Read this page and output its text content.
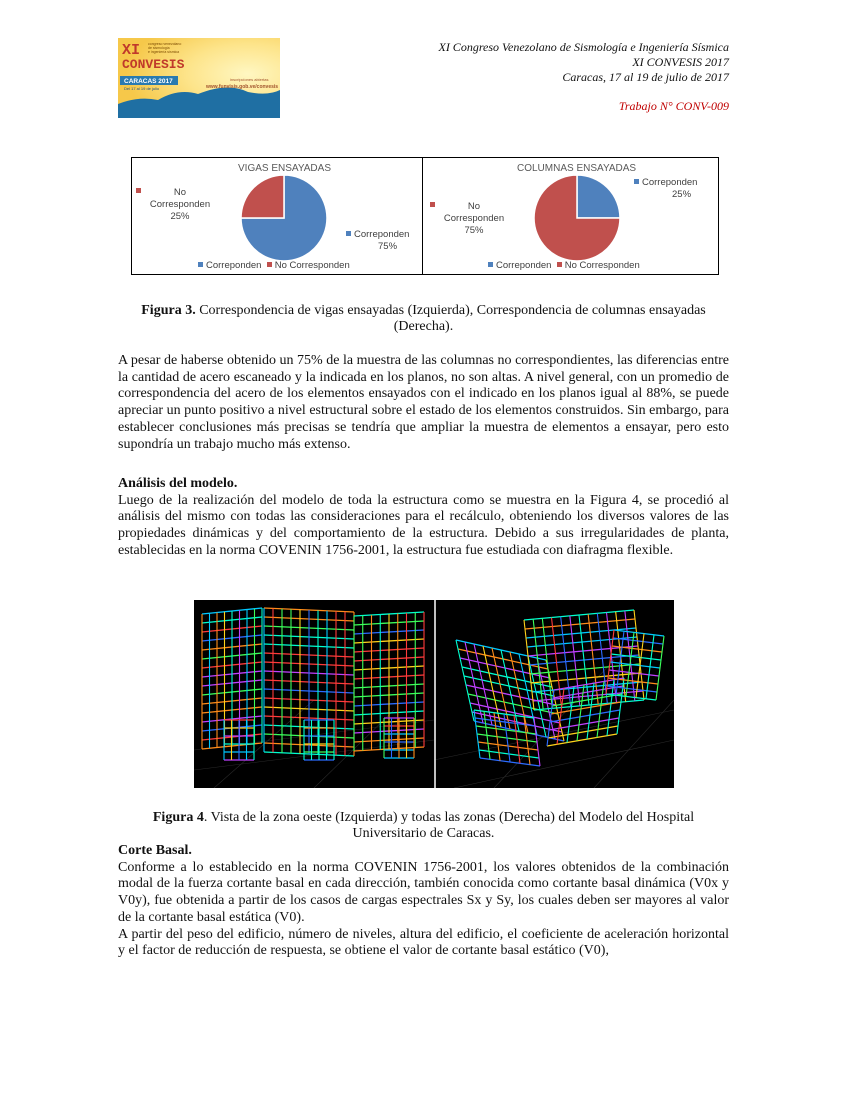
XI
CONVESIS
congreso venezolano
de sismología
e ingeniería sísmica
CARACAS 2017
Del 17 al 19 de julio
inscripciones abiertas
www.funvisis.gob.ve/convesis
XI Congreso Venezolano de Sismología e Ingeniería Sísmica
XI CONVESIS 2017
Caracas, 17 al 19 de julio de 2017
Trabajo N° CONV-009
VIGAS ENSAYADAS
No
Corresponden
25%
Correponden
75%
Correponden No Corresponden
COLUMNAS ENSAYADAS
Correponden
25%
No
Corresponden
75%
Correponden No Corresponden
Figura 3. Correspondencia de vigas ensayadas (Izquierda), Correspondencia de columnas ensayadas (Derecha).

A pesar de haberse obtenido un 75% de la muestra de las columnas no correspondientes, las diferencias entre la cantidad de acero escaneado y la indicada en los planos, no son altas. A nivel general, con un promedio de correspondencia del acero de los elementos ensayados con el indicado en los planos igual al 88%, se puede apreciar un punto positivo a nivel estructural sobre el estado de los elementos construidos. Sin embargo, para establecer conclusiones más precisas se tendría que ampliar la muestra de elementos a ensayar, pero esto supondría un trabajo mucho más extenso.

Análisis del modelo.

Luego de la realización del modelo de toda la estructura como se muestra en la Figura 4, se procedió al análisis del mismo con todas las consideraciones para el recálculo, obteniendo los diversos valores de las propiedades dinámicas y del comportamiento de la estructura. Debido a sus irregularidades de planta, establecidas en la norma COVENIN 1756-2001, la estructura fue estudiada con diafragma flexible.

Figura 4. Vista de la zona oeste (Izquierda) y todas las zonas (Derecha) del Modelo del Hospital Universitario de Caracas.

Corte Basal.

Conforme a lo establecido en la norma COVENIN 1756-2001, los valores obtenidos de la combinación modal de la fuerza cortante basal en cada dirección, también conocida como cortante basal dinámica (V0x y V0y), fue obtenida a partir de los casos de cargas espectrales Sx y Sy, los cuales deben ser mayores al valor de la cortante basal estática (V0).

A partir del peso del edificio, número de niveles, altura del edificio, el coeficiente de aceleración horizontal y el factor de reducción de respuesta, se obtiene el valor de cortante basal estático (V0),
